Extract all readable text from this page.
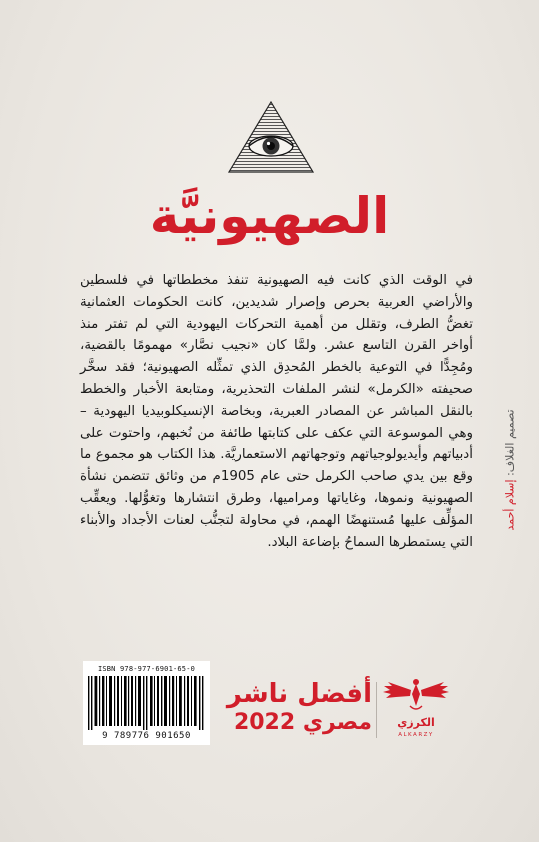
الصهيونيَّة
في الوقت الذي كانت فيه الصهيونية تنفذ مخططاتها في فلسطين والأراضي العربية بحرص وإصرار شديدين، كانت الحكومات العثمانية تغضُّ الطرف، وتقلل من أهمية التحركات اليهودية التي لم تفتر منذ أواخر القرن التاسع عشر. ولمَّا كان «نجيب نصَّار» مهمومًا بالقضية، ومُجِدًّا في التوعية بالخطر المُحدِق الذي تمثِّله الصهيونية؛ فقد سخَّر صحيفته «الكرمل» لنشر الملفات التحذيرية، ومتابعة الأخبار والخطط بالنقل المباشر عن المصادر العبرية، وبخاصة الإنسيكلوبيديا اليهودية – وهي الموسوعة التي عكف على كتابتها طائفة من نُخبهم، واحتوت على أدبياتهم وأيديولوجياتهم وتوجهاتهم الاستعماريَّة. هذا الكتاب هو مجموع ما وقع بين يدي صاحب الكرمل حتى عام 1905م من وثائق تتضمن نشأة الصهيونية ونموها، وغاياتها ومراميها، وطرق انتشارها وتغوُّلها. ويعقِّب المؤلِّف عليها مُستنهضًا الهمم، في محاولة لتجنُّب لعنات الأجداد والأبناء التي يستمطرها السماحُ بإضاعة البلاد.
تصميم الغلاف: إسلام أحمد
ISBN 978-977-6901-65-0
9 789776 901650
أفضل ناشر
مصري 2022	الكرزي
ALKARZY
